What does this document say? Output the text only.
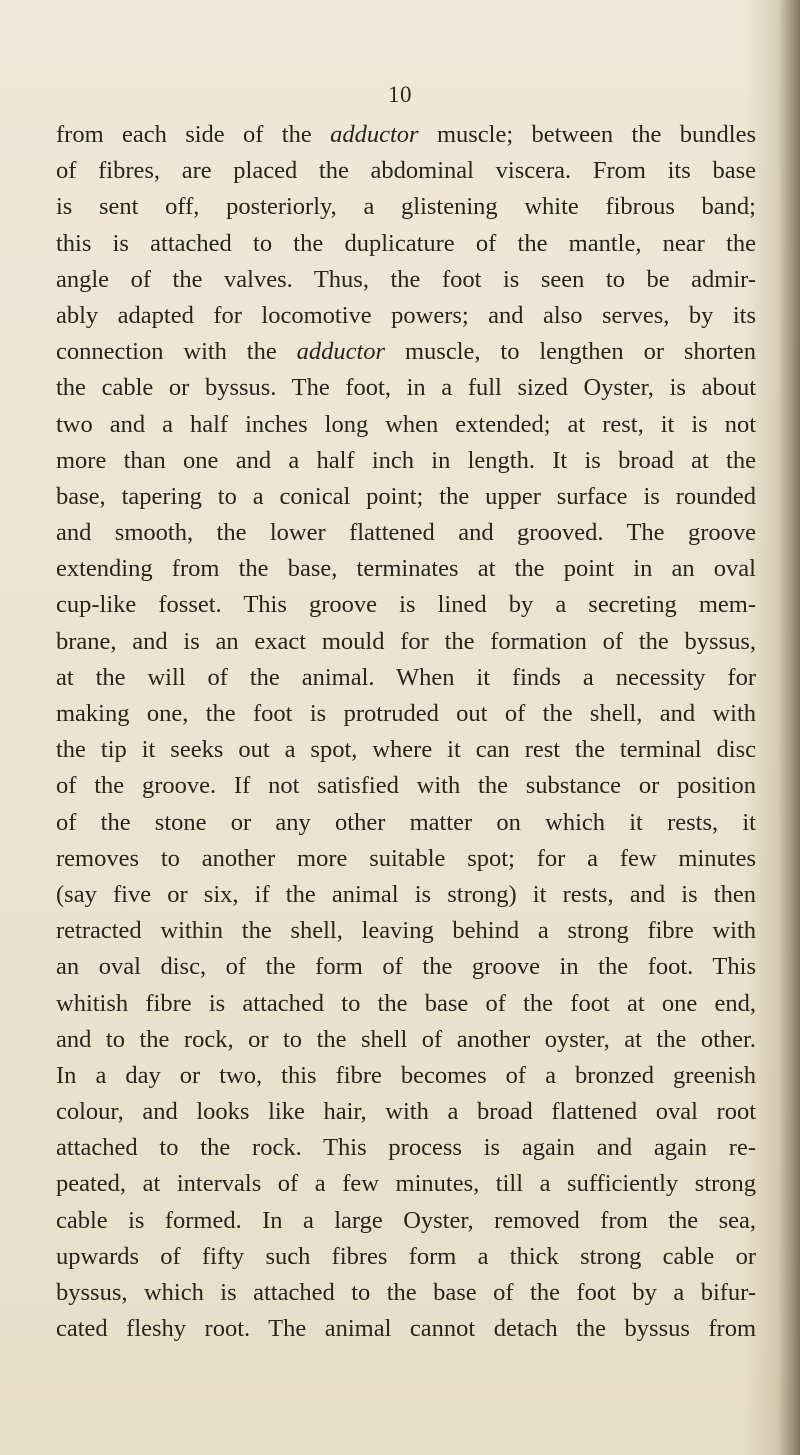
10
from each side of the adductor muscle; between the bundles
of fibres, are placed the abdominal viscera. From its base
is sent off, posteriorly, a glistening white fibrous band;
this is attached to the duplicature of the mantle, near the
angle of the valves. Thus, the foot is seen to be admir-
ably adapted for locomotive powers; and also serves, by its
connection with the adductor muscle, to lengthen or shorten
the cable or byssus. The foot, in a full sized Oyster, is about
two and a half inches long when extended; at rest, it is not
more than one and a half inch in length. It is broad at the
base, tapering to a conical point; the upper surface is rounded
and smooth, the lower flattened and grooved. The groove
extending from the base, terminates at the point in an oval
cup-like fosset. This groove is lined by a secreting mem-
brane, and is an exact mould for the formation of the byssus,
at the will of the animal. When it finds a necessity for
making one, the foot is protruded out of the shell, and with
the tip it seeks out a spot, where it can rest the terminal disc
of the groove. If not satisfied with the substance or position
of the stone or any other matter on which it rests, it
removes to another more suitable spot; for a few minutes
(say five or six, if the animal is strong) it rests, and is then
retracted within the shell, leaving behind a strong fibre with
an oval disc, of the form of the groove in the foot. This
whitish fibre is attached to the base of the foot at one end,
and to the rock, or to the shell of another oyster, at the other.
In a day or two, this fibre becomes of a bronzed greenish
colour, and looks like hair, with a broad flattened oval root
attached to the rock. This process is again and again re-
peated, at intervals of a few minutes, till a sufficiently strong
cable is formed. In a large Oyster, removed from the sea,
upwards of fifty such fibres form a thick strong cable or
byssus, which is attached to the base of the foot by a bifur-
cated fleshy root. The animal cannot detach the byssus from
